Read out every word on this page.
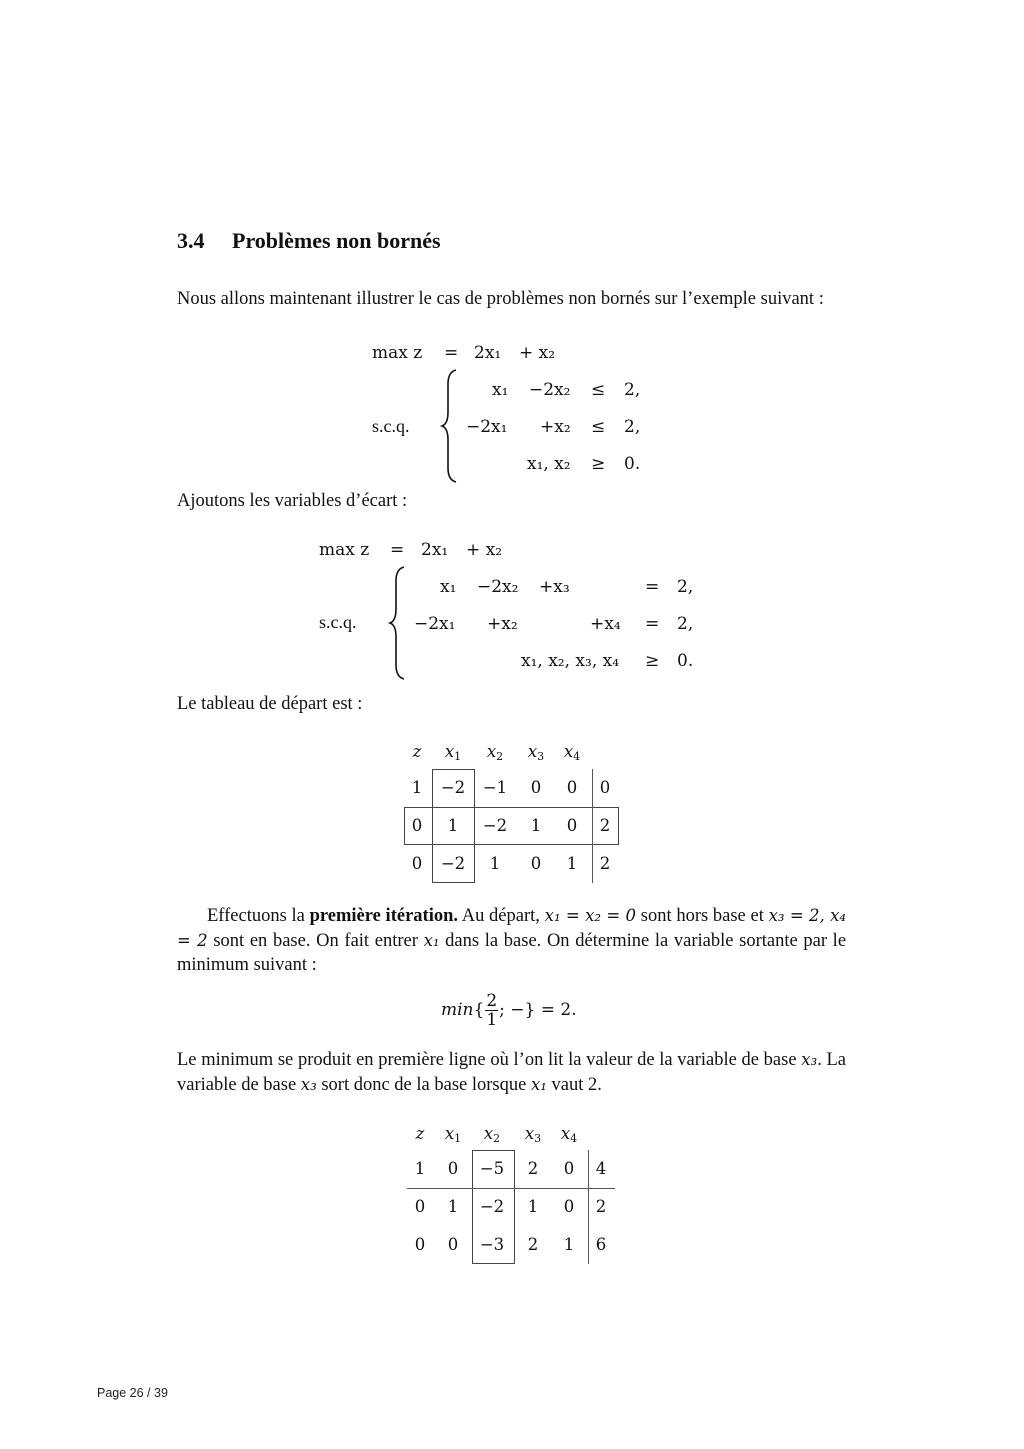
3.4 Problèmes non bornés
Nous allons maintenant illustrer le cas de problèmes non bornés sur l’exemple suivant :
max z = 2x₁ + x₂
s.c.q.
x₁ −2x₂ ≤ 2,
−2x₁ +x₂ ≤ 2,
x₁, x₂ ≥ 0.
Ajoutons les variables d’écart :
max z = 2x₁ + x₂
s.c.q.
x₁ −2x₂ +x₃	= 2,
−2x₁ +x₂	+x₄ = 2,
x₁, x₂, x₃, x₄ ≥ 0.
Le tableau de départ est :
z	$x_1$	$x_2$	$x_3$	$x_4$
1	−2	−1	0	0	0
0	1	−2	1	0	2
0	−2	1	0	1	2
Effectuons la première itération. Au départ, x₁ = x₂ = 0 sont hors base et x₃ = 2, x₄ = 2 sont en base. On fait entrer x₁ dans la base. On détermine la variable sortante par le minimum suivant :
$\min\{ \frac{2}{1}$ ; −} = 2.
Le minimum se produit en première ligne où l’on lit la valeur de la variable de base x₃. La variable de base x₃ sort donc de la base lorsque x₁ vaut 2.
z	$x_1$	$x_2$	$x_3$	$x_4$
1	0	−5	2	0	4
0	1	−2	1	0	2
0	0	−3	2	1	6
Page 26 / 39
